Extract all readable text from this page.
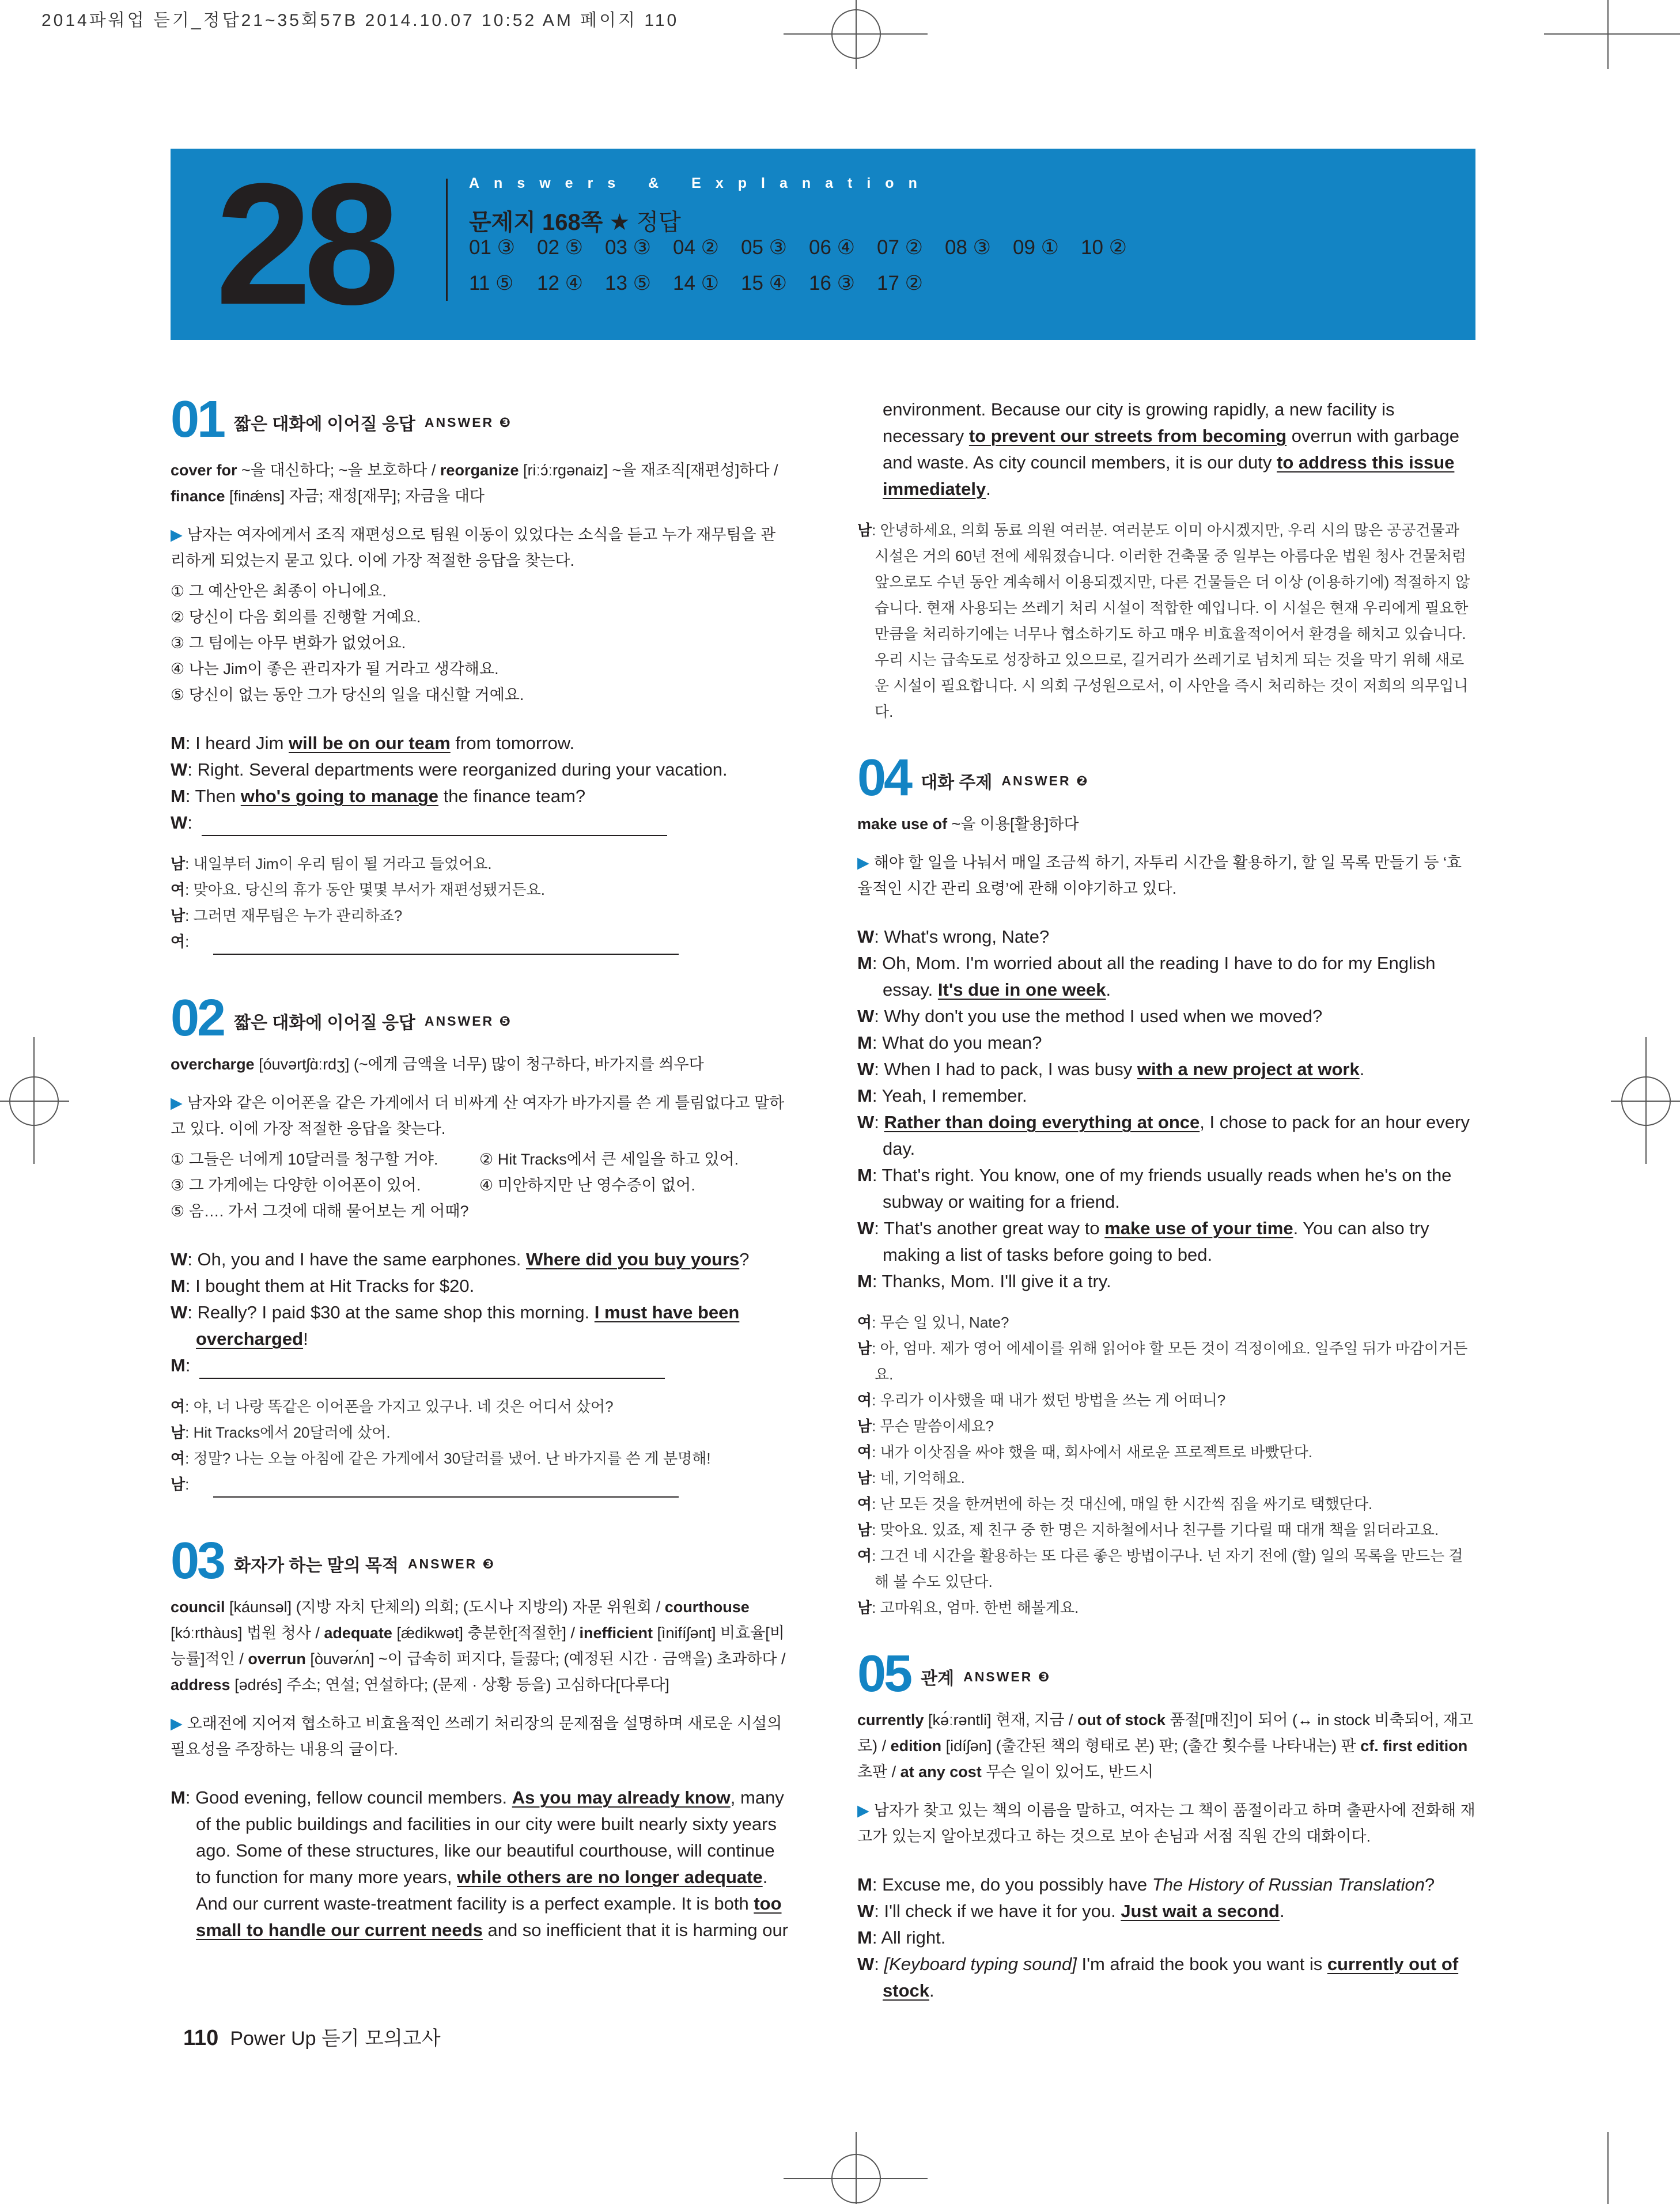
2014파워업 듣기_정답21~35회57B 2014.10.07 10:52 AM 페이지 110
28	Answers & Explanation
문제지 168쪽 ★ 정답
01 ③	02 ⑤	03 ③	04 ②	05 ③	06 ④	07 ②	08 ③	09 ①	10 ②
11 ⑤	12 ④	13 ⑤	14 ①	15 ④	16 ③	17 ②
01 짧은 대화에 이어질 응답 ANSWER ❸

cover for ~을 대신하다; ~을 보호하다 / reorganize [riːɔ́ːrgənaiz] ~을 재조직[재편성]하다 / finance [finǽns] 자금; 재정[재무]; 자금을 대다

▶ 남자는 여자에게서 조직 재편성으로 팀원 이동이 있었다는 소식을 듣고 누가 재무팀을 관리하게 되었는지 묻고 있다. 이에 가장 적절한 응답을 찾는다.
① 그 예산안은 최종이 아니에요.
② 당신이 다음 회의를 진행할 거예요.
③ 그 팀에는 아무 변화가 없었어요.
④ 나는 Jim이 좋은 관리자가 될 거라고 생각해요.
⑤ 당신이 없는 동안 그가 당신의 일을 대신할 거예요.
M: I heard Jim will be on our team from tomorrow.
W: Right. Several departments were reorganized during your vacation.
M: Then who's going to manage the finance team?
W:
남: 내일부터 Jim이 우리 팀이 될 거라고 들었어요.
여: 맞아요. 당신의 휴가 동안 몇몇 부서가 재편성됐거든요.
남: 그러면 재무팀은 누가 관리하죠?
여:
02 짧은 대화에 이어질 응답 ANSWER ❺

overcharge [óuvərtʃɑ̀ːrdʒ] (~에게 금액을 너무) 많이 청구하다, 바가지를 씌우다

▶ 남자와 같은 이어폰을 같은 가게에서 더 비싸게 산 여자가 바가지를 쓴 게 틀림없다고 말하고 있다. 이에 가장 적절한 응답을 찾는다.
① 그들은 너에게 10달러를 청구할 거야.	② Hit Tracks에서 큰 세일을 하고 있어.
③ 그 가게에는 다양한 이어폰이 있어.	④ 미안하지만 난 영수증이 없어.
⑤ 음…. 가서 그것에 대해 물어보는 게 어때?
W: Oh, you and I have the same earphones. Where did you buy yours?
M: I bought them at Hit Tracks for $20.
W: Really? I paid $30 at the same shop this morning. I must have been overcharged!
M:
여: 야, 너 나랑 똑같은 이어폰을 가지고 있구나. 네 것은 어디서 샀어?
남: Hit Tracks에서 20달러에 샀어.
여: 정말? 나는 오늘 아침에 같은 가게에서 30달러를 냈어. 난 바가지를 쓴 게 분명해!
남:
03 화자가 하는 말의 목적 ANSWER ❸

council [káunsəl] (지방 자치 단체의) 의회; (도시나 지방의) 자문 위원회 / courthouse [kɔ́ːrthàus] 법원 청사 / adequate [ǽdikwət] 충분한[적절한] / inefficient [ìnifíʃənt] 비효율[비능률]적인 / overrun [òuvərʌ́n] ~이 급속히 퍼지다, 들끓다; (예정된 시간 · 금액을) 초과하다 / address [ədrés] 주소; 연설; 연설하다; (문제 · 상황 등을) 고심하다[다루다]

▶ 오래전에 지어져 협소하고 비효율적인 쓰레기 처리장의 문제점을 설명하며 새로운 시설의 필요성을 주장하는 내용의 글이다.
M: Good evening, fellow council members. As you may already know, many of the public buildings and facilities in our city were built nearly sixty years ago. Some of these structures, like our beautiful courthouse, will continue to function for many more years, while others are no longer adequate. And our current waste-treatment facility is a perfect example. It is both too small to handle our current needs and so inefficient that it is harming our
environment. Because our city is growing rapidly, a new facility is necessary to prevent our streets from becoming overrun with garbage and waste. As city council members, it is our duty to address this issue immediately.
남: 안녕하세요, 의회 동료 의원 여러분. 여러분도 이미 아시겠지만, 우리 시의 많은 공공건물과 시설은 거의 60년 전에 세워졌습니다. 이러한 건축물 중 일부는 아름다운 법원 청사 건물처럼 앞으로도 수년 동안 계속해서 이용되겠지만, 다른 건물들은 더 이상 (이용하기에) 적절하지 않습니다. 현재 사용되는 쓰레기 처리 시설이 적합한 예입니다. 이 시설은 현재 우리에게 필요한 만큼을 처리하기에는 너무나 협소하기도 하고 매우 비효율적이어서 환경을 해치고 있습니다. 우리 시는 급속도로 성장하고 있으므로, 길거리가 쓰레기로 넘치게 되는 것을 막기 위해 새로운 시설이 필요합니다. 시 의회 구성원으로서, 이 사안을 즉시 처리하는 것이 저희의 의무입니다.
04 대화 주제 ANSWER ❷

make use of ~을 이용[활용]하다

▶ 해야 할 일을 나눠서 매일 조금씩 하기, 자투리 시간을 활용하기, 할 일 목록 만들기 등 ‘효율적인 시간 관리 요령’에 관해 이야기하고 있다.
W: What's wrong, Nate?
M: Oh, Mom. I'm worried about all the reading I have to do for my English essay. It's due in one week.
W: Why don't you use the method I used when we moved?
M: What do you mean?
W: When I had to pack, I was busy with a new project at work.
M: Yeah, I remember.
W: Rather than doing everything at once, I chose to pack for an hour every day.
M: That's right. You know, one of my friends usually reads when he's on the subway or waiting for a friend.
W: That's another great way to make use of your time. You can also try making a list of tasks before going to bed.
M: Thanks, Mom. I'll give it a try.
여: 무슨 일 있니, Nate?
남: 아, 엄마. 제가 영어 에세이를 위해 읽어야 할 모든 것이 걱정이에요. 일주일 뒤가 마감이거든요.
여: 우리가 이사했을 때 내가 썼던 방법을 쓰는 게 어떠니?
남: 무슨 말씀이세요?
여: 내가 이삿짐을 싸야 했을 때, 회사에서 새로운 프로젝트로 바빴단다.
남: 네, 기억해요.
여: 난 모든 것을 한꺼번에 하는 것 대신에, 매일 한 시간씩 짐을 싸기로 택했단다.
남: 맞아요. 있죠, 제 친구 중 한 명은 지하철에서나 친구를 기다릴 때 대개 책을 읽더라고요.
여: 그건 네 시간을 활용하는 또 다른 좋은 방법이구나. 넌 자기 전에 (할) 일의 목록을 만드는 걸 해 볼 수도 있단다.
남: 고마워요, 엄마. 한번 해볼게요.
05 관계 ANSWER ❸

currently [kə́ːrəntli] 현재, 지금 / out of stock 품절[매진]이 되어 (↔ in stock 비축되어, 재고로) / edition [idíʃən] (출간된 책의 형태로 본) 판; (출간 횟수를 나타내는) 판 cf. first edition 초판 / at any cost 무슨 일이 있어도, 반드시

▶ 남자가 찾고 있는 책의 이름을 말하고, 여자는 그 책이 품절이라고 하며 출판사에 전화해 재고가 있는지 알아보겠다고 하는 것으로 보아 손님과 서점 직원 간의 대화이다.
M: Excuse me, do you possibly have The History of Russian Translation?
W: I'll check if we have it for you. Just wait a second.
M: All right.
W: [Keyboard typing sound] I'm afraid the book you want is currently out of stock.
110 Power Up 듣기 모의고사
